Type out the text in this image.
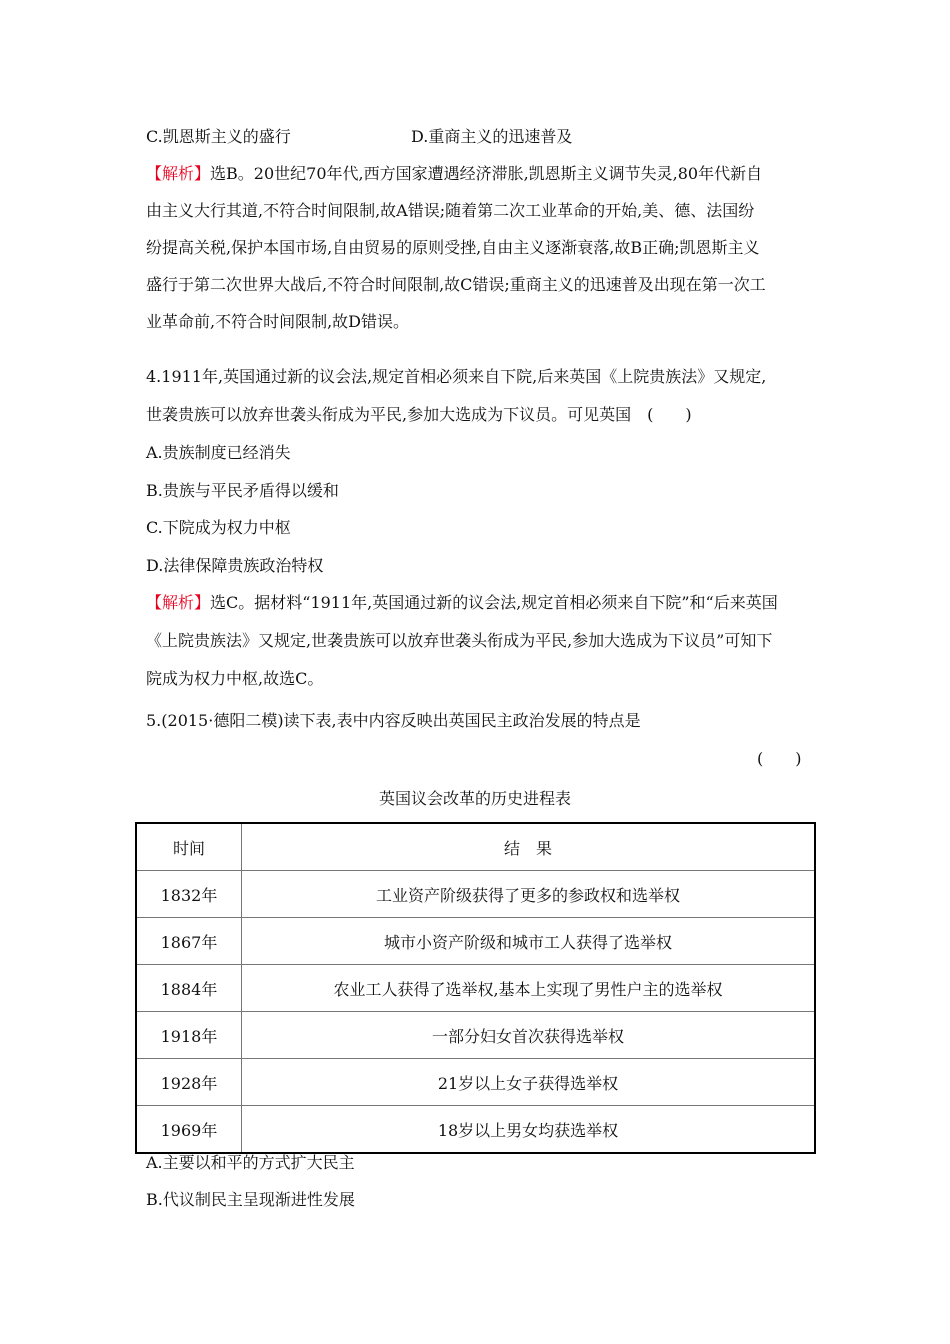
C.凯恩斯主义的盛行	D.重商主义的迅速普及
【解析】选B。20世纪70年代,西方国家遭遇经济滞胀,凯恩斯主义调节失灵,80年代新自
由主义大行其道,不符合时间限制,故A错误;随着第二次工业革命的开始,美、德、法国纷
纷提高关税,保护本国市场,自由贸易的原则受挫,自由主义逐渐衰落,故B正确;凯恩斯主义
盛行于第二次世界大战后,不符合时间限制,故C错误;重商主义的迅速普及出现在第一次工
业革命前,不符合时间限制,故D错误。
4.1911年,英国通过新的议会法,规定首相必须来自下院,后来英国《上院贵族法》又规定,
世袭贵族可以放弃世袭头衔成为平民,参加大选成为下议员。可见英国　(　　)
A.贵族制度已经消失
B.贵族与平民矛盾得以缓和
C.下院成为权力中枢
D.法律保障贵族政治特权
【解析】选C。据材料“1911年,英国通过新的议会法,规定首相必须来自下院”和“后来英国
《上院贵族法》又规定,世袭贵族可以放弃世袭头衔成为平民,参加大选成为下议员”可知下
院成为权力中枢,故选C。
5.(2015·德阳二模)读下表,表中内容反映出英国民主政治发展的特点是
(　　)
英国议会改革的历史进程表
时间	结　果
1832年	工业资产阶级获得了更多的参政权和选举权
1867年	城市小资产阶级和城市工人获得了选举权
1884年	农业工人获得了选举权,基本上实现了男性户主的选举权
1918年	一部分妇女首次获得选举权
1928年	21岁以上女子获得选举权
1969年	18岁以上男女均获选举权
A.主要以和平的方式扩大民主
B.代议制民主呈现渐进性发展
